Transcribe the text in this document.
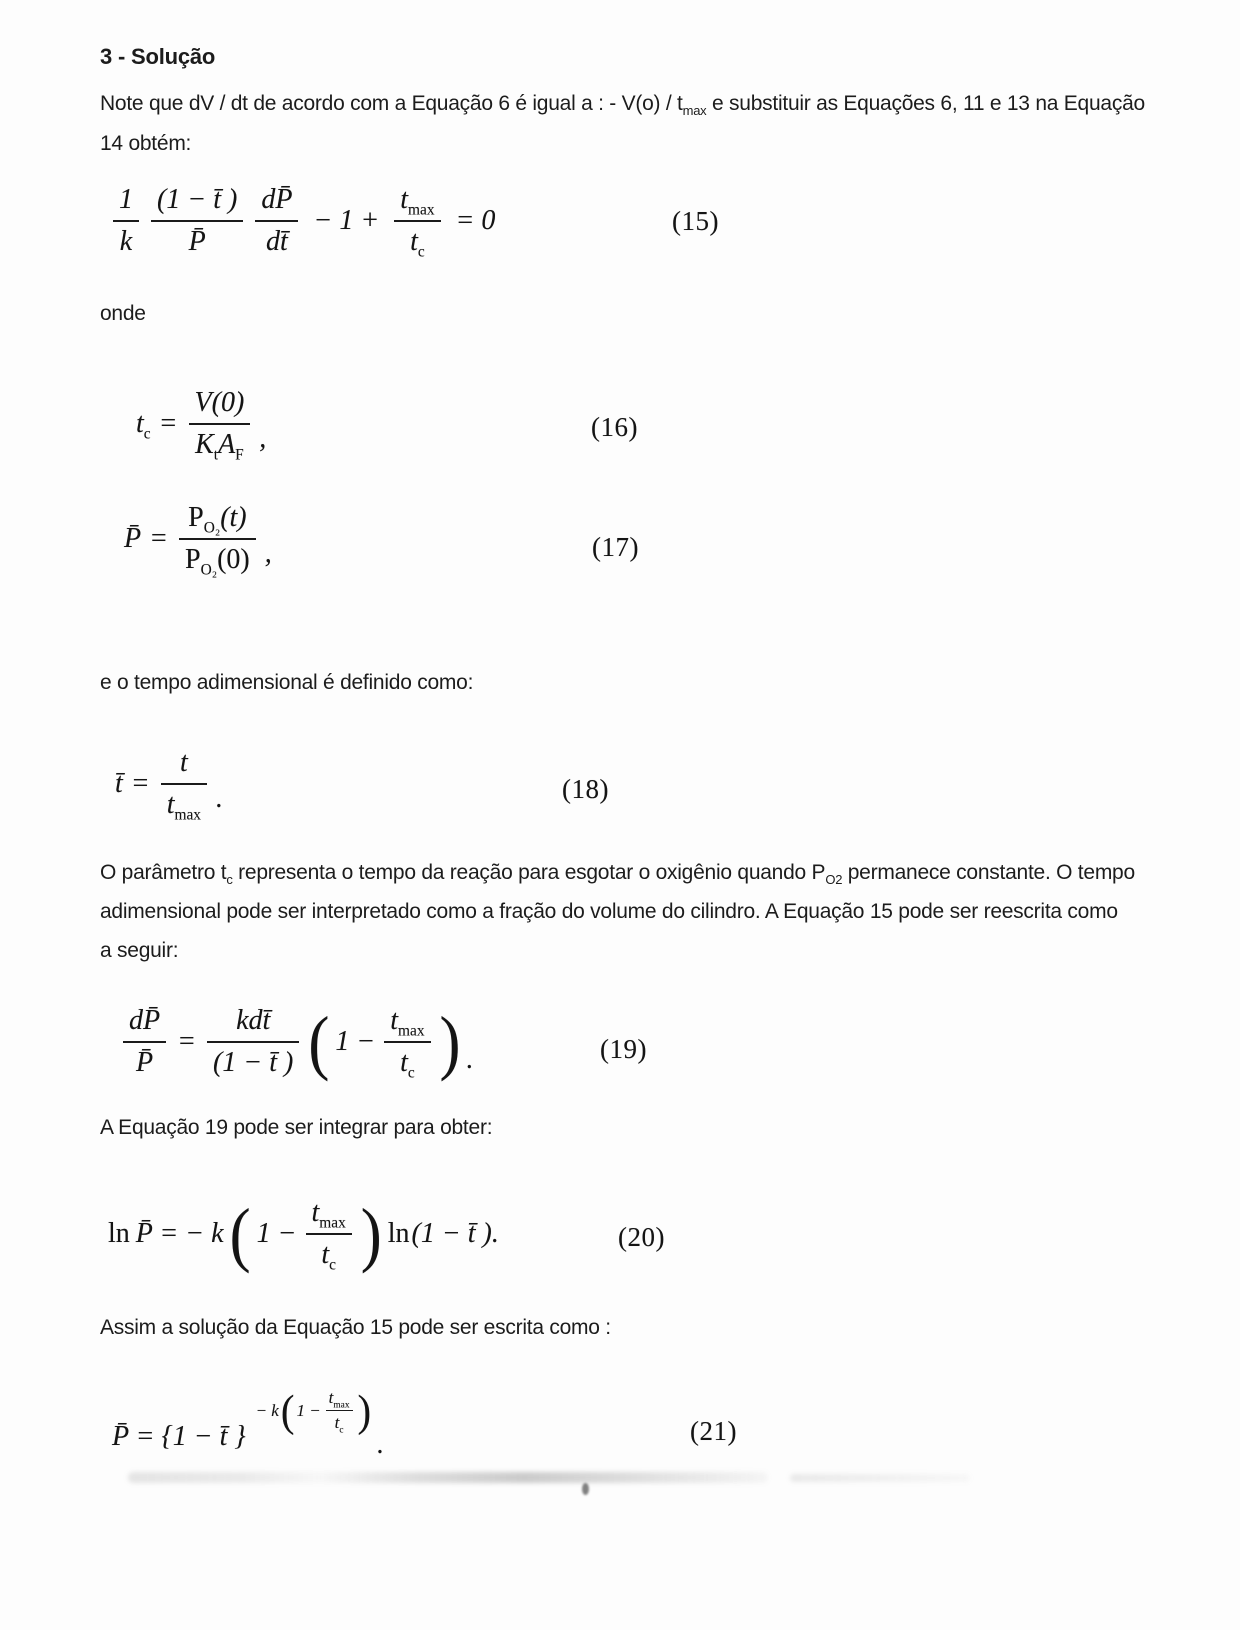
3 - Solução

Note que dV / dt de acordo com a Equação 6 é igual a : - $V(o) / t_{max}$ e substituir as Equações 6, 11 e 13 na Equação
14 obtém:

$\frac{1}{k} \frac{(1 - t̄ )}{P̄} \frac{dP̄}{dt̄} - 1$ +
$t_{max}$
$t_c$
= 0	(15)

onde

$t_c$ =
V(0)
$K_tA_F$
,	(16)
P̄ = $\frac{P_{O_2}(t)}{P_{O_2}(0)}$ ,	(17)

e o tempo adimensional é definido como:

t̄ =
t
$t_{max}$
.	(18)

O parâmetro $t_c$ representa o tempo da reação para esgotar o oxigênio quando $P_{O2}$ permanece constante. O tempo
adimensional pode ser interpretado como a fração do volume do cilindro. A Equação 15 pode ser reescrita como
a seguir:

$\frac{dP̄}{P̄}$ =
kdt̄
(1 − t̄ ) ( 1 −
$t_{max}$
$t_c$ ) .	(19)

A Equação 19 pode ser integrar para obter:

ln P̄ = − k ( 1 −
$t_{max}$
$t_c$ ) ln (1 − t̄ ).	(20)

Assim a solução da Equação 15 pode ser escrita como :

P̄ = {1 − t̄ }
− k ( 1 −
$t_{max}$
$t_c$ )
.	(21)
